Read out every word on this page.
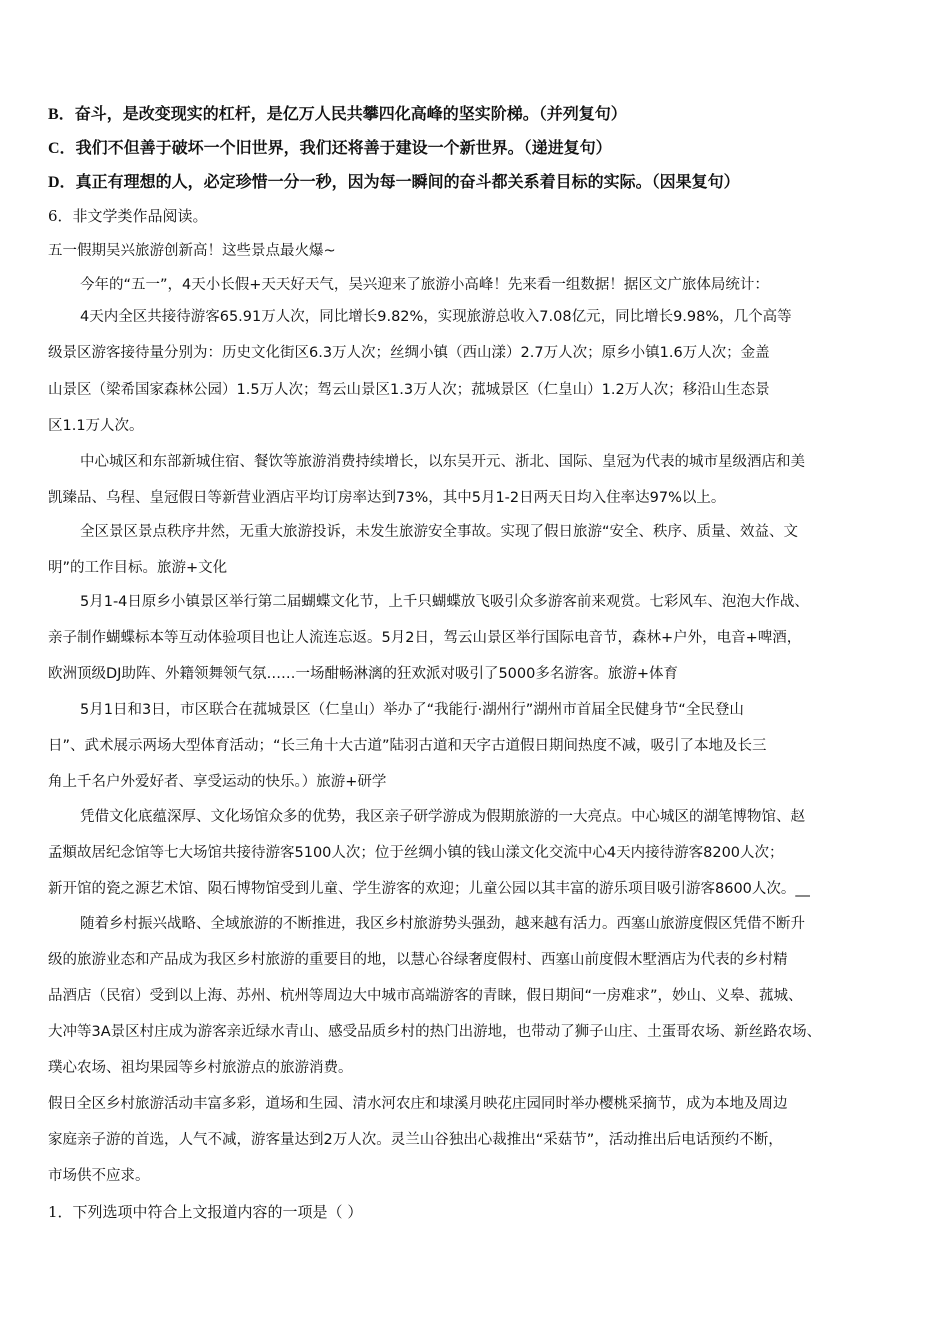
B．奋斗，是改变现实的杠杆，是亿万人民共攀四化高峰的坚实阶梯。（并列复句）
C．我们不但善于破坏一个旧世界，我们还将善于建设一个新世界。（递进复句）
D．真正有理想的人，必定珍惜一分一秒，因为每一瞬间的奋斗都关系着目标的实际。（因果复句）
6．非文学类作品阅读。
五一假期吴兴旅游创新高！这些景点最火爆~
今年的“五一”，4天小长假+天天好天气，吴兴迎来了旅游小高峰！先来看一组数据！据区文广旅体局统计：
4天内全区共接待游客65.91万人次，同比增长9.82%，实现旅游总收入7.08亿元，同比增长9.98%，几个高等
级景区游客接待量分别为：历史文化街区6.3万人次；丝绸小镇（西山漾）2.7万人次；原乡小镇1.6万人次；金盖
山景区（梁希国家森林公园）1.5万人次；驾云山景区1.3万人次；菰城景区（仁皇山）1.2万人次；移沿山生态景
区1.1万人次。
中心城区和东部新城住宿、餐饮等旅游消费持续增长，以东吴开元、浙北、国际、皇冠为代表的城市星级酒店和美
凯臻品、乌程、皇冠假日等新营业酒店平均订房率达到73%，其中5月1-2日两天日均入住率达97%以上。
全区景区景点秩序井然，无重大旅游投诉，未发生旅游安全事故。实现了假日旅游“安全、秩序、质量、效益、文
明”的工作目标。旅游+文化
5月1-4日原乡小镇景区举行第二届蝴蝶文化节，上千只蝴蝶放飞吸引众多游客前来观赏。七彩风车、泡泡大作战、
亲子制作蝴蝶标本等互动体验项目也让人流连忘返。5月2日，驾云山景区举行国际电音节，森林+户外，电音+啤酒，
欧洲顶级DJ助阵、外籍领舞领气氛……一场酣畅淋漓的狂欢派对吸引了5000多名游客。旅游+体育
5月1日和3日，市区联合在菰城景区（仁皇山）举办了“我能行·湖州行”湖州市首届全民健身节“全民登山
日”、武术展示两场大型体育活动；“长三角十大古道”陆羽古道和天字古道假日期间热度不减，吸引了本地及长三
角上千名户外爱好者、享受运动的快乐。）旅游+研学
凭借文化底蕴深厚、文化场馆众多的优势，我区亲子研学游成为假期旅游的一大亮点。中心城区的湖笔博物馆、赵
孟頫故居纪念馆等七大场馆共接待游客5100人次；位于丝绸小镇的钱山漾文化交流中心4天内接待游客8200人次；
新开馆的瓷之源艺术馆、陨石博物馆受到儿童、学生游客的欢迎；儿童公园以其丰富的游乐项目吸引游客8600人次。__
随着乡村振兴战略、全域旅游的不断推进，我区乡村旅游势头强劲，越来越有活力。西塞山旅游度假区凭借不断升
级的旅游业态和产品成为我区乡村旅游的重要目的地，以慧心谷绿奢度假村、西塞山前度假木墅酒店为代表的乡村精
品酒店（民宿）受到以上海、苏州、杭州等周边大中城市高端游客的青睐，假日期间“一房难求”，妙山、义皋、菰城、
大冲等3A景区村庄成为游客亲近绿水青山、感受品质乡村的热门出游地，也带动了狮子山庄、土蛋哥农场、新丝路农场、
璞心农场、祖均果园等乡村旅游点的旅游消费。
假日全区乡村旅游活动丰富多彩，道场和生园、清水河农庄和埭溪月映花庄园同时举办樱桃采摘节，成为本地及周边
家庭亲子游的首选，人气不减，游客量达到2万人次。灵兰山谷独出心裁推出“采菇节”，活动推出后电话预约不断，
市场供不应求。
1．下列选项中符合上文报道内容的一项是（ ）
